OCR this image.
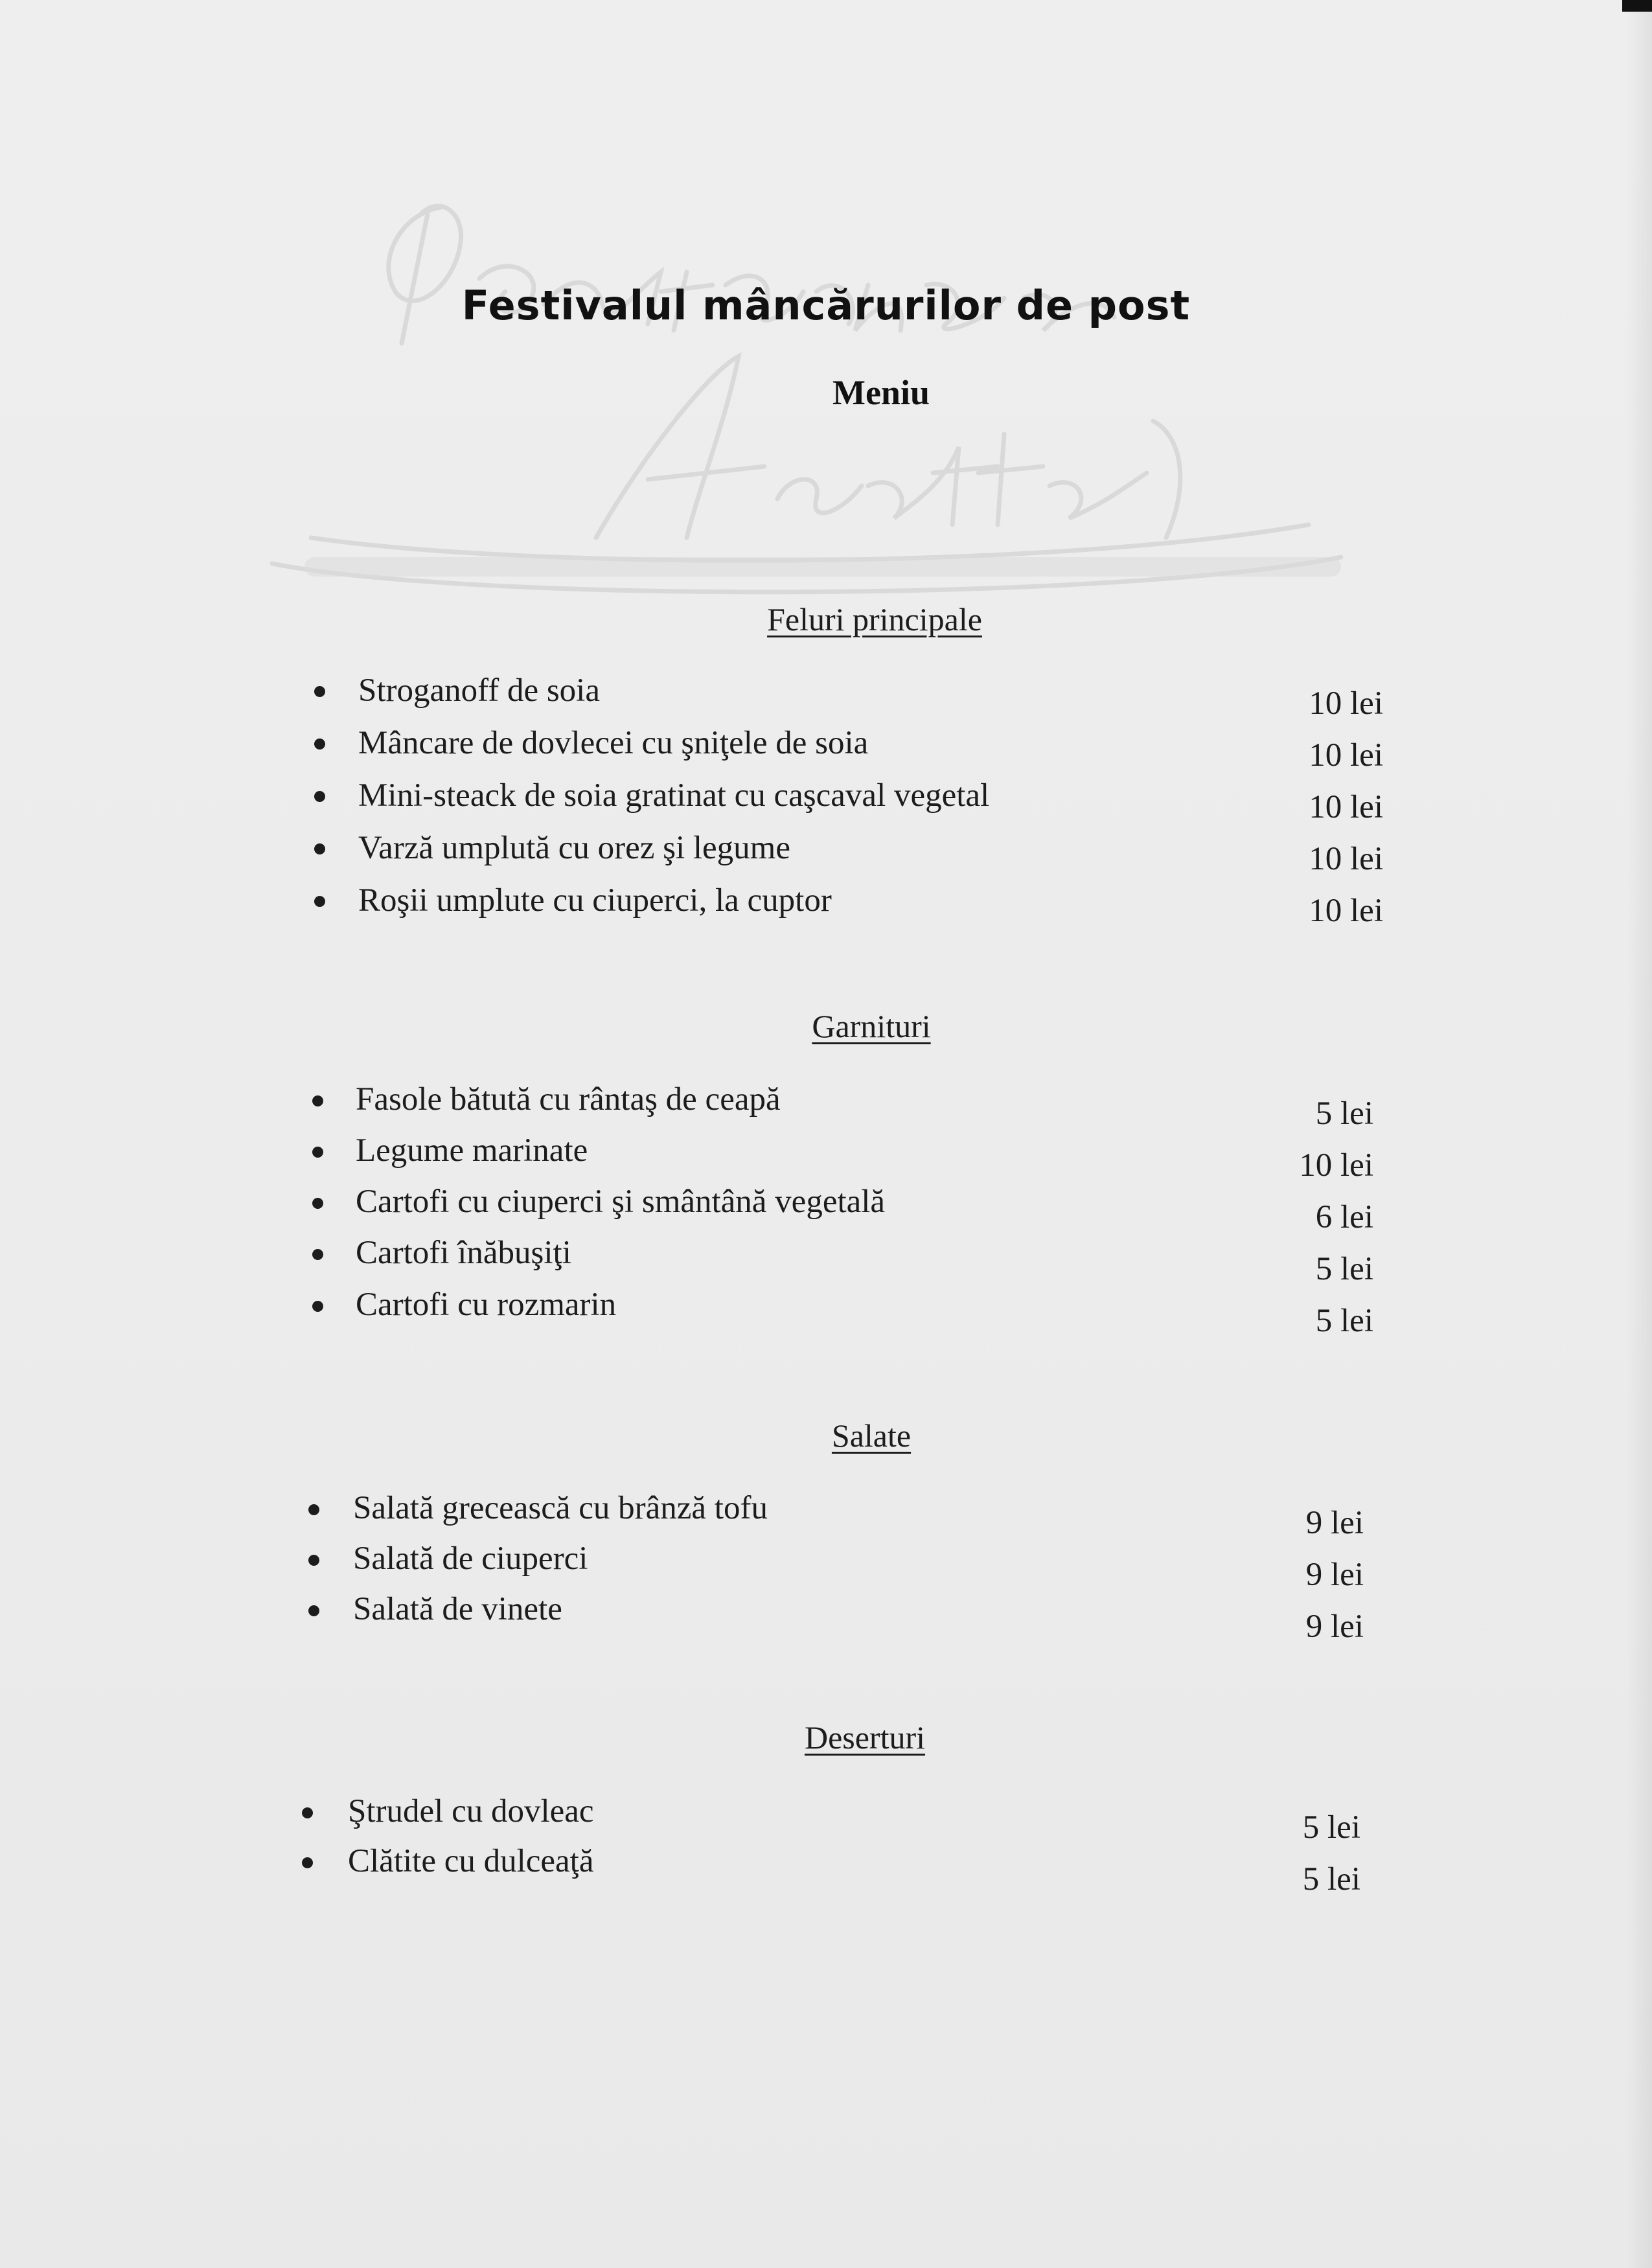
Festivalul mâncărurilor de post
Meniu
Feluri principale
Stroganoff de soia	10 lei
Mâncare de dovlecei cu şniţele de soia	10 lei
Mini-steack de soia gratinat cu caşcaval vegetal	10 lei
Varză umplută cu orez şi legume	10 lei
Roşii umplute cu ciuperci, la cuptor	10 lei
Garnituri
Fasole bătută cu rântaş de ceapă	5 lei
Legume marinate	10 lei
Cartofi cu ciuperci şi smântână vegetală	6 lei
Cartofi înăbuşiţi	5 lei
Cartofi cu rozmarin	5 lei
Salate
Salată grecească cu brânză tofu	9 lei
Salată de ciuperci	9 lei
Salată de vinete	9 lei
Deserturi
Ştrudel cu dovleac	5 lei
Clătite cu dulceaţă	5 lei
